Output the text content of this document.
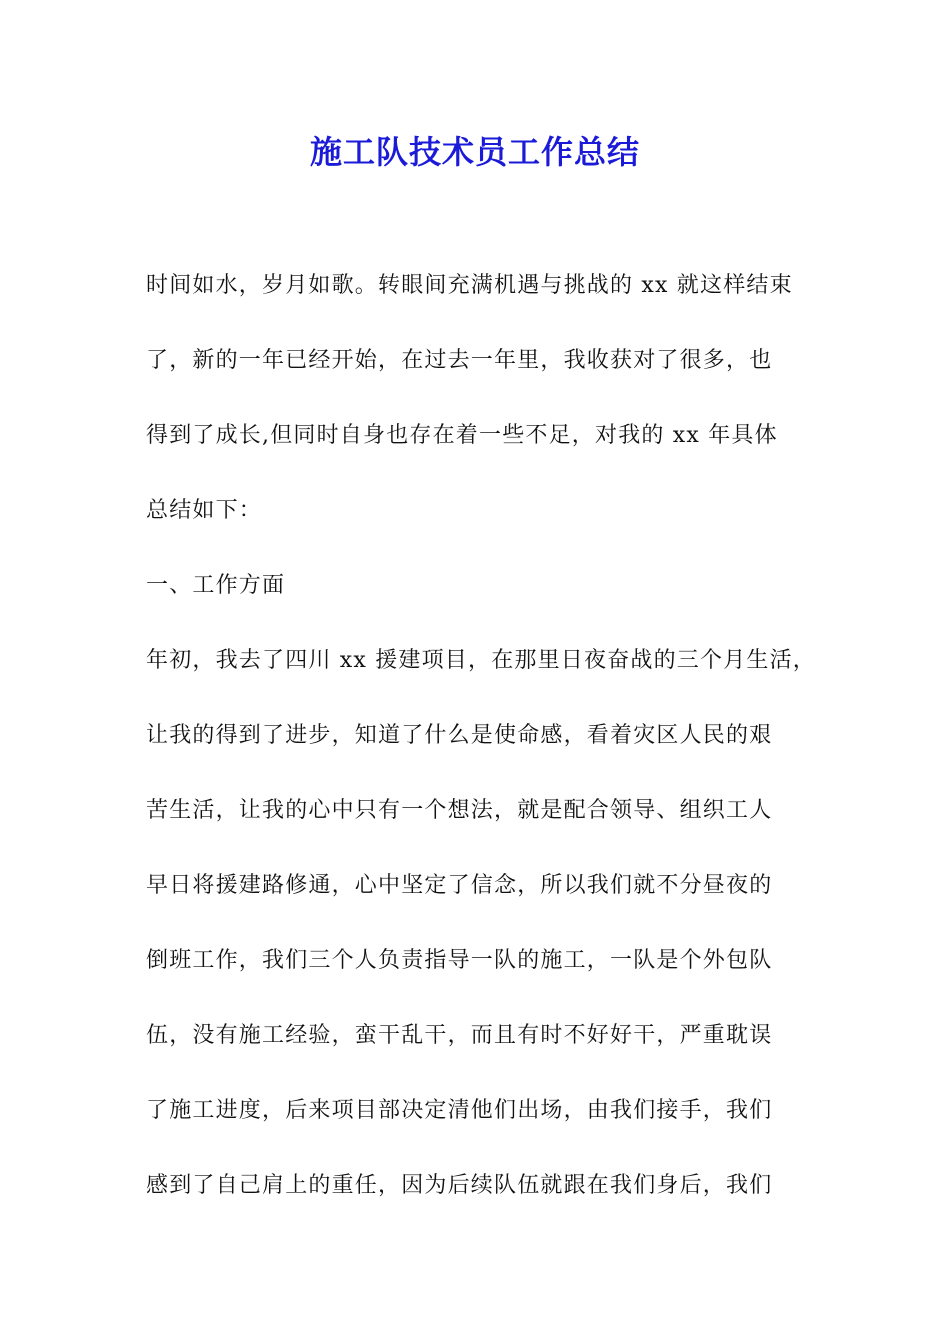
施工队技术员工作总结
时间如水，岁月如歌。转眼间充满机遇与挑战的 xx 就这样结束
了，新的一年已经开始，在过去一年里，我收获对了很多，也
得到了成长,但同时自身也存在着一些不足，对我的 xx 年具体
总结如下：
一、工作方面
年初，我去了四川 xx 援建项目，在那里日夜奋战的三个月生活，
让我的得到了进步，知道了什么是使命感，看着灾区人民的艰
苦生活，让我的心中只有一个想法，就是配合领导、组织工人
早日将援建路修通，心中坚定了信念，所以我们就不分昼夜的
倒班工作，我们三个人负责指导一队的施工，一队是个外包队
伍，没有施工经验，蛮干乱干，而且有时不好好干，严重耽误
了施工进度，后来项目部决定清他们出场，由我们接手，我们
感到了自己肩上的重任，因为后续队伍就跟在我们身后，我们
